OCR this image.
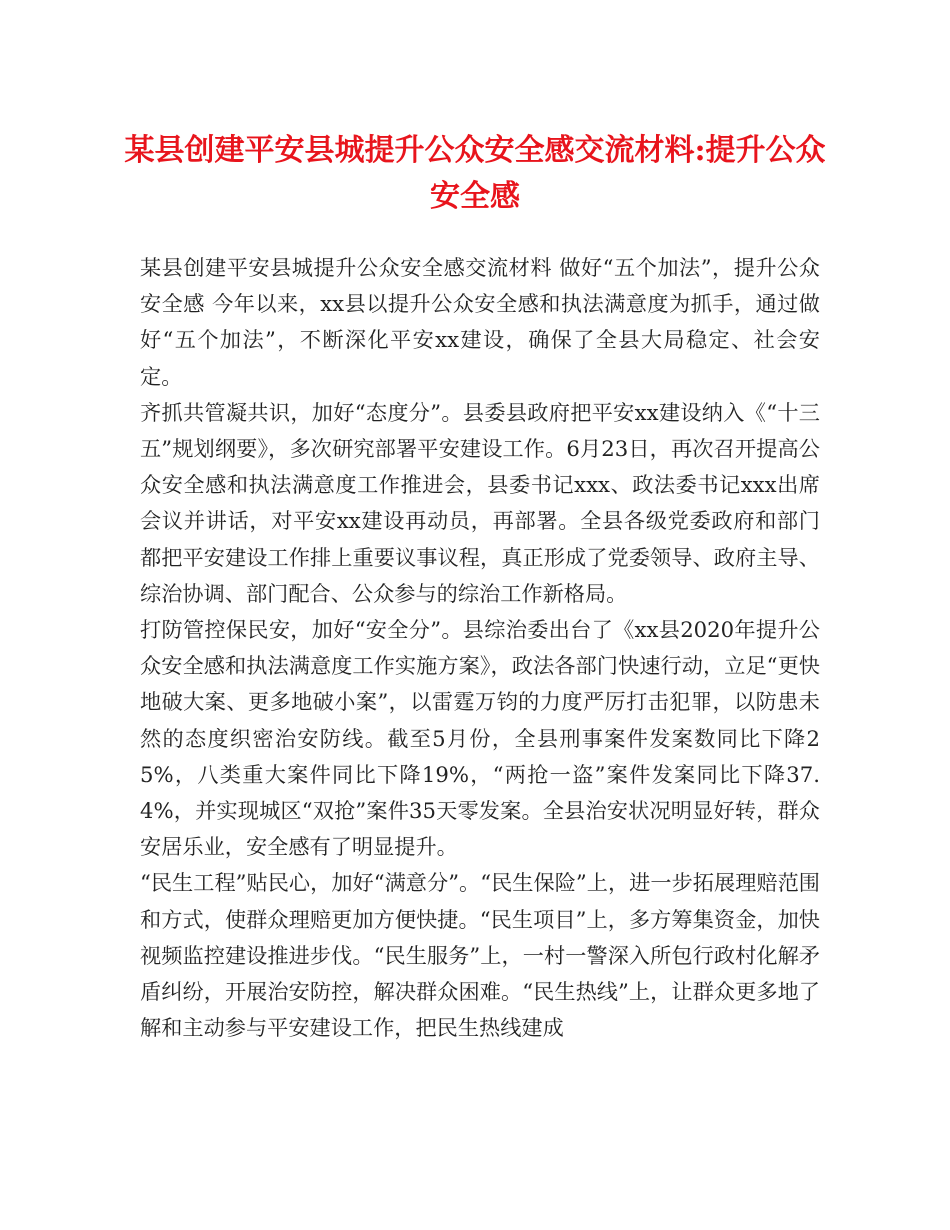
某县创建平安县城提升公众安全感交流材料:提升公众安全感

某县创建平安县城提升公众安全感交流材料 做好“五个加法”，提升公众安全感 今年以来，xx县以提升公众安全感和执法满意度为抓手，通过做好“五个加法”，不断深化平安xx建设，确保了全县大局稳定、社会安定。

齐抓共管凝共识，加好“态度分”。县委县政府把平安xx建设纳入《“十三五”规划纲要》，多次研究部署平安建设工作。6月23日，再次召开提高公众安全感和执法满意度工作推进会，县委书记xxx、政法委书记xxx出席会议并讲话，对平安xx建设再动员，再部署。全县各级党委政府和部门都把平安建设工作排上重要议事议程，真正形成了党委领导、政府主导、综治协调、部门配合、公众参与的综治工作新格局。

打防管控保民安，加好“安全分”。县综治委出台了《xx县2020年提升公众安全感和执法满意度工作实施方案》，政法各部门快速行动，立足“更快地破大案、更多地破小案”，以雷霆万钧的力度严厉打击犯罪，以防患未然的态度织密治安防线。截至5月份，全县刑事案件发案数同比下降25%，八类重大案件同比下降19%，“两抢一盗”案件发案同比下降37.4%，并实现城区“双抢”案件35天零发案。全县治安状况明显好转，群众安居乐业，安全感有了明显提升。

“民生工程”贴民心，加好“满意分”。“民生保险”上，进一步拓展理赔范围和方式，使群众理赔更加方便快捷。“民生项目”上，多方筹集资金，加快视频监控建设推进步伐。“民生服务”上，一村一警深入所包行政村化解矛盾纠纷，开展治安防控，解决群众困难。“民生热线”上，让群众更多地了解和主动参与平安建设工作，把民生热线建成
